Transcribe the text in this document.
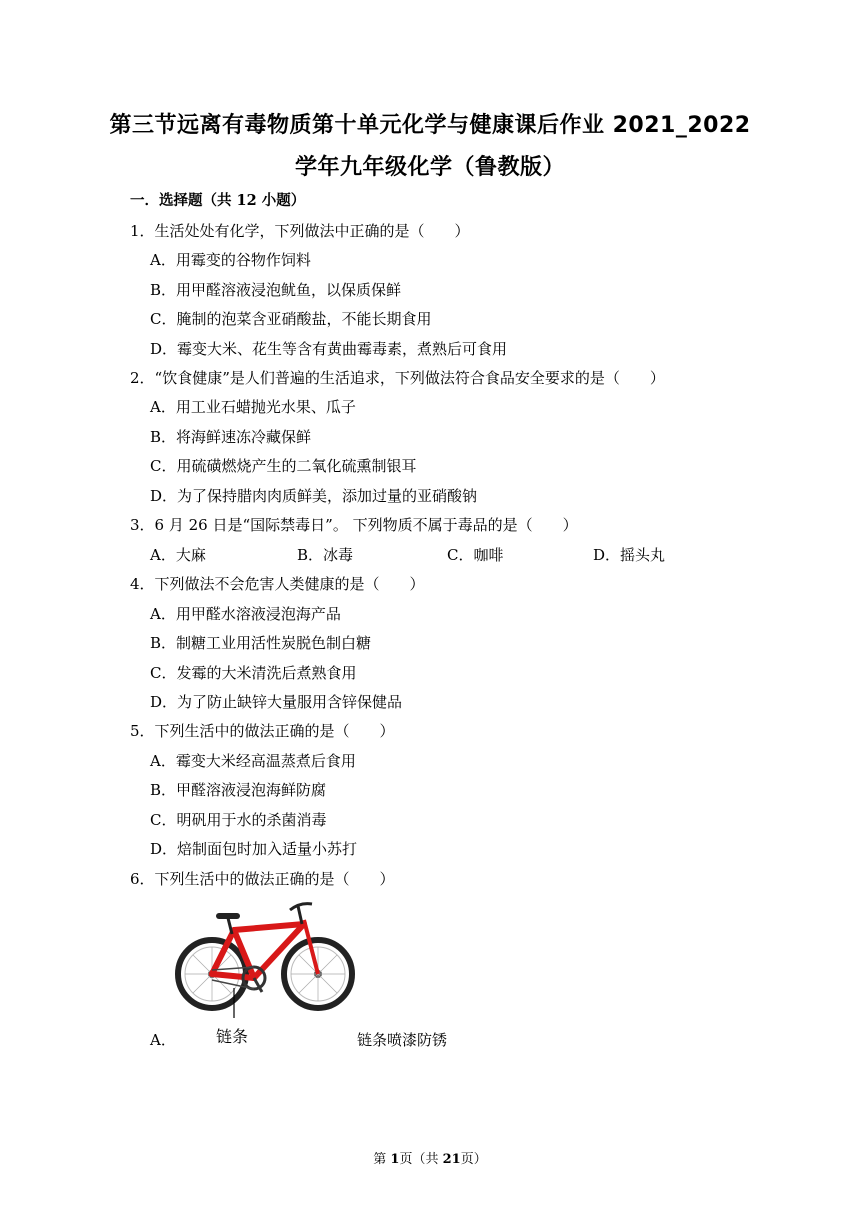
第三节远离有毒物质第十单元化学与健康课后作业 2021_2022
学年九年级化学（鲁教版）
一．选择题（共 12 小题）
1．生活处处有化学，下列做法中正确的是（　　）
A．用霉变的谷物作饲料
B．用甲醛溶液浸泡鱿鱼，以保质保鲜
C．腌制的泡菜含亚硝酸盐，不能长期食用
D．霉变大米、花生等含有黄曲霉毒素，煮熟后可食用
2．“饮食健康”是人们普遍的生活追求，下列做法符合食品安全要求的是（　　）
A．用工业石蜡抛光水果、瓜子
B．将海鲜速冻冷藏保鲜
C．用硫磺燃烧产生的二氧化硫熏制银耳
D．为了保持腊肉肉质鲜美，添加过量的亚硝酸钠
3．6 月 26 日是“国际禁毒日”。 下列物质不属于毒品的是（　　）
A．大麻	B．冰毒	C．咖啡	D．摇头丸
4．下列做法不会危害人类健康的是（　　）
A．用甲醛水溶液浸泡海产品
B．制糖工业用活性炭脱色制白糖
C．发霉的大米清洗后煮熟食用
D．为了防止缺锌大量服用含锌保健品
5．下列生活中的做法正确的是（　　）
A．霉变大米经高温蒸煮后食用
B．甲醛溶液浸泡海鲜防腐
C．明矾用于水的杀菌消毒
D．焙制面包时加入适量小苏打
6．下列生活中的做法正确的是（　　）
链条
A．	链条喷漆防锈
第 1页（共 21页）
